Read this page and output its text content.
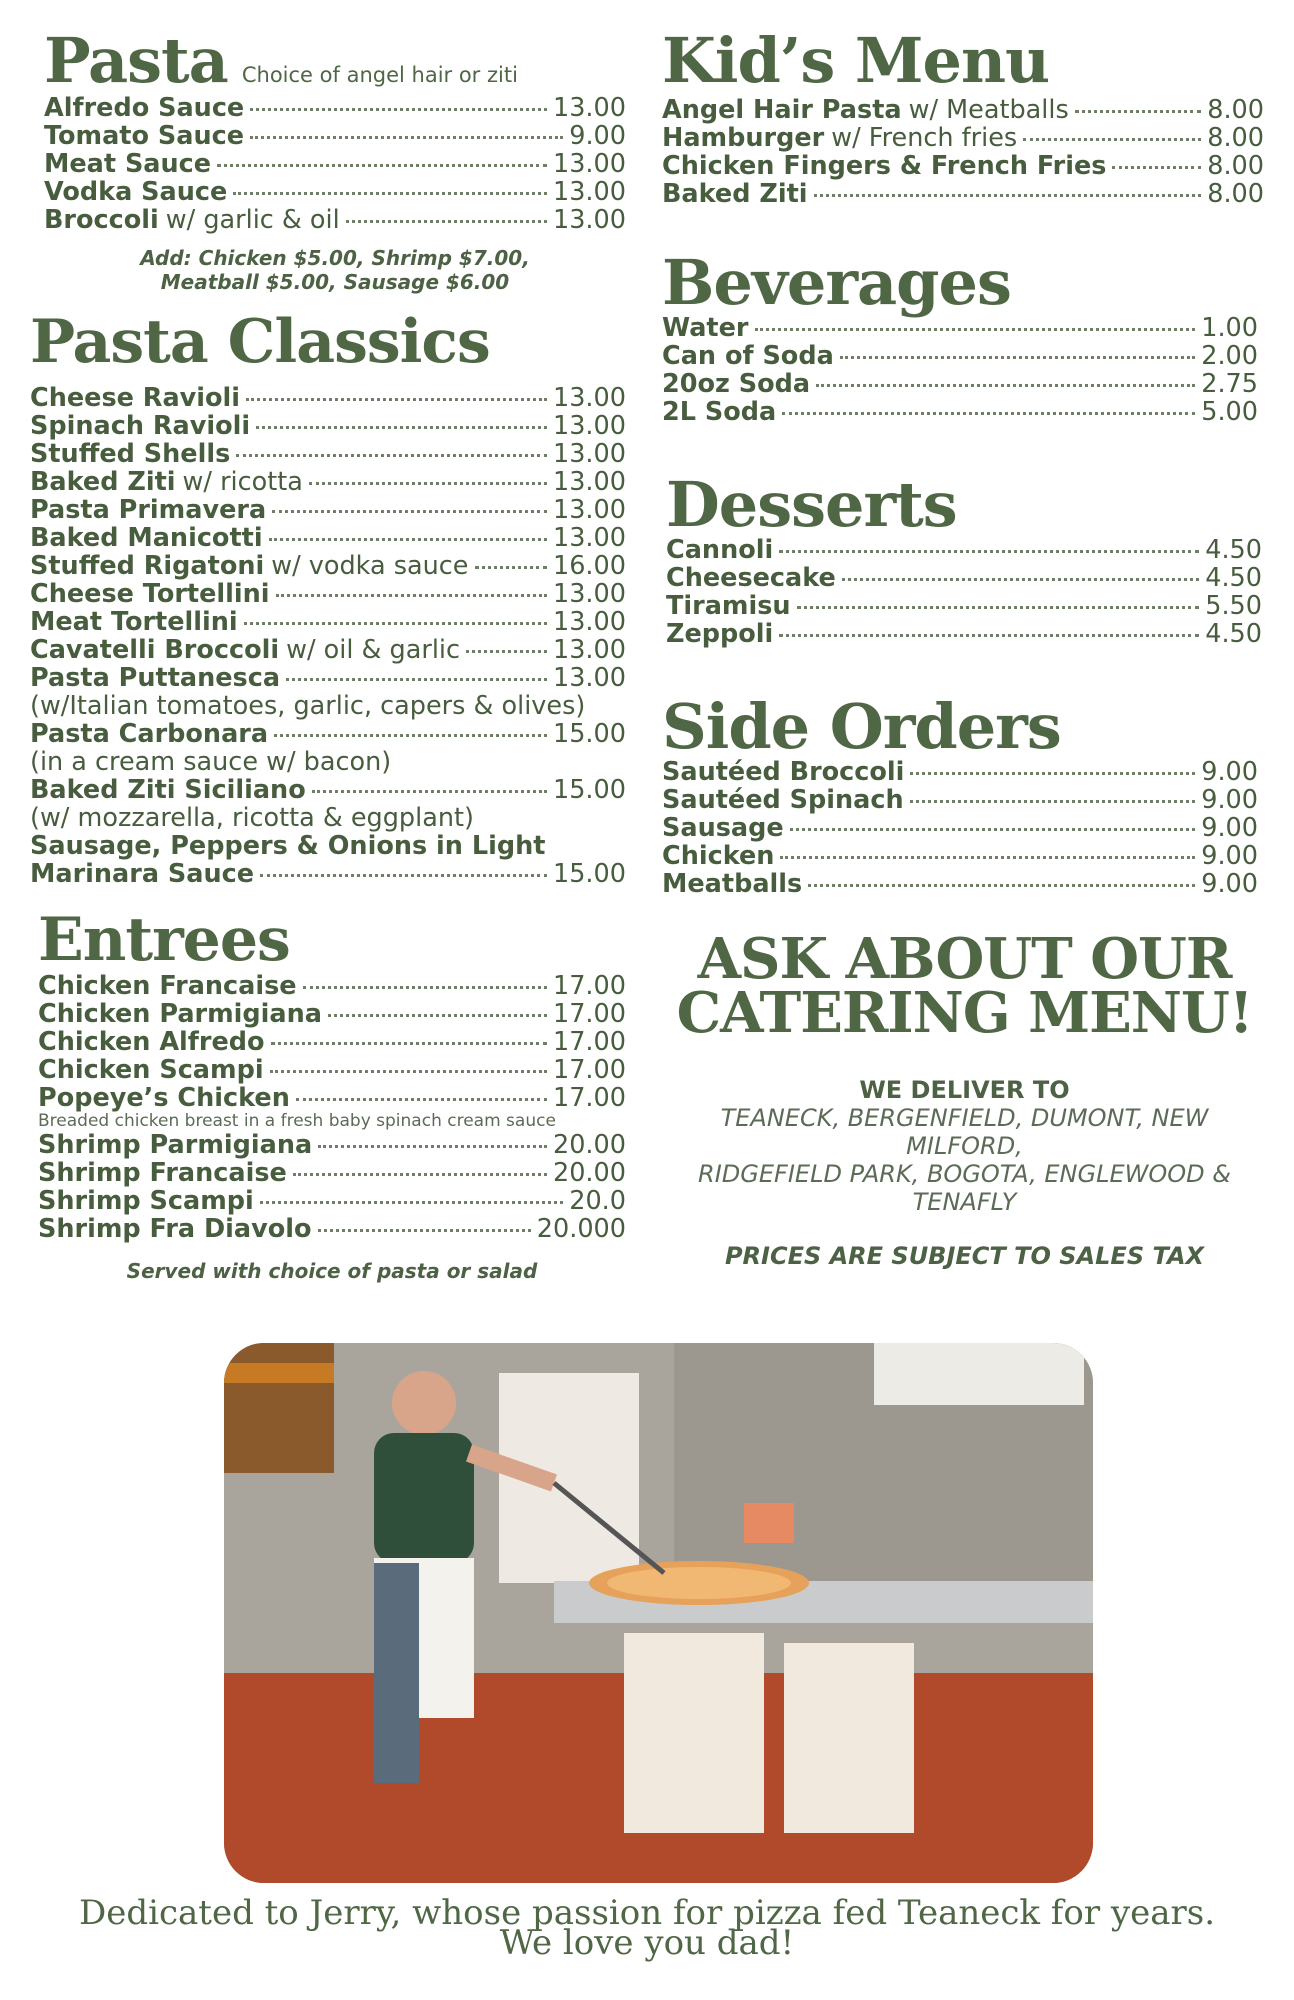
Pasta Choice of angel hair or ziti
Alfredo Sauce	13.00
Tomato Sauce	9.00
Meat Sauce	13.00
Vodka Sauce	13.00
Broccoli w/ garlic & oil	13.00
Add: Chicken $5.00, Shrimp $7.00,
Meatball $5.00, Sausage $6.00
Pasta Classics
Cheese Ravioli	13.00
Spinach Ravioli	13.00
Stuffed Shells	13.00
Baked Ziti w/ ricotta	13.00
Pasta Primavera	13.00
Baked Manicotti	13.00
Stuffed Rigatoni w/ vodka sauce	16.00
Cheese Tortellini	13.00
Meat Tortellini	13.00
Cavatelli Broccoli w/ oil & garlic	13.00
Pasta Puttanesca	13.00
(w/Italian tomatoes, garlic, capers & olives)
Pasta Carbonara	15.00
(in a cream sauce w/ bacon)
Baked Ziti Siciliano	15.00
(w/ mozzarella, ricotta & eggplant)
Sausage, Peppers & Onions in Light
Marinara Sauce	15.00
Entrees
Chicken Francaise	17.00
Chicken Parmigiana	17.00
Chicken Alfredo	17.00
Chicken Scampi	17.00
Popeye’s Chicken	17.00
Breaded chicken breast in a fresh baby spinach cream sauce
Shrimp Parmigiana	20.00
Shrimp Francaise	20.00
Shrimp Scampi	20.0
Shrimp Fra Diavolo	20.000
Served with choice of pasta or salad
Kid’s Menu
Angel Hair Pasta w/ Meatballs	8.00
Hamburger w/ French fries	8.00
Chicken Fingers & French Fries	8.00
Baked Ziti	8.00
Beverages
Water	1.00
Can of Soda	2.00
20oz Soda	2.75
2L Soda	5.00
Desserts
Cannoli	4.50
Cheesecake	4.50
Tiramisu	5.50
Zeppoli	4.50
Side Orders
Sautéed Broccoli	9.00
Sautéed Spinach	9.00
Sausage	9.00
Chicken	9.00
Meatballs	9.00
ASK ABOUT OUR
CATERING MENU!
WE DELIVER TO
TEANECK, BERGENFIELD, DUMONT, NEW MILFORD,
RIDGEFIELD PARK, BOGOTA, ENGLEWOOD &
TENAFLY
PRICES ARE SUBJECT TO SALES TAX
Dedicated to Jerry, whose passion for pizza fed Teaneck for years.
We love you dad!
